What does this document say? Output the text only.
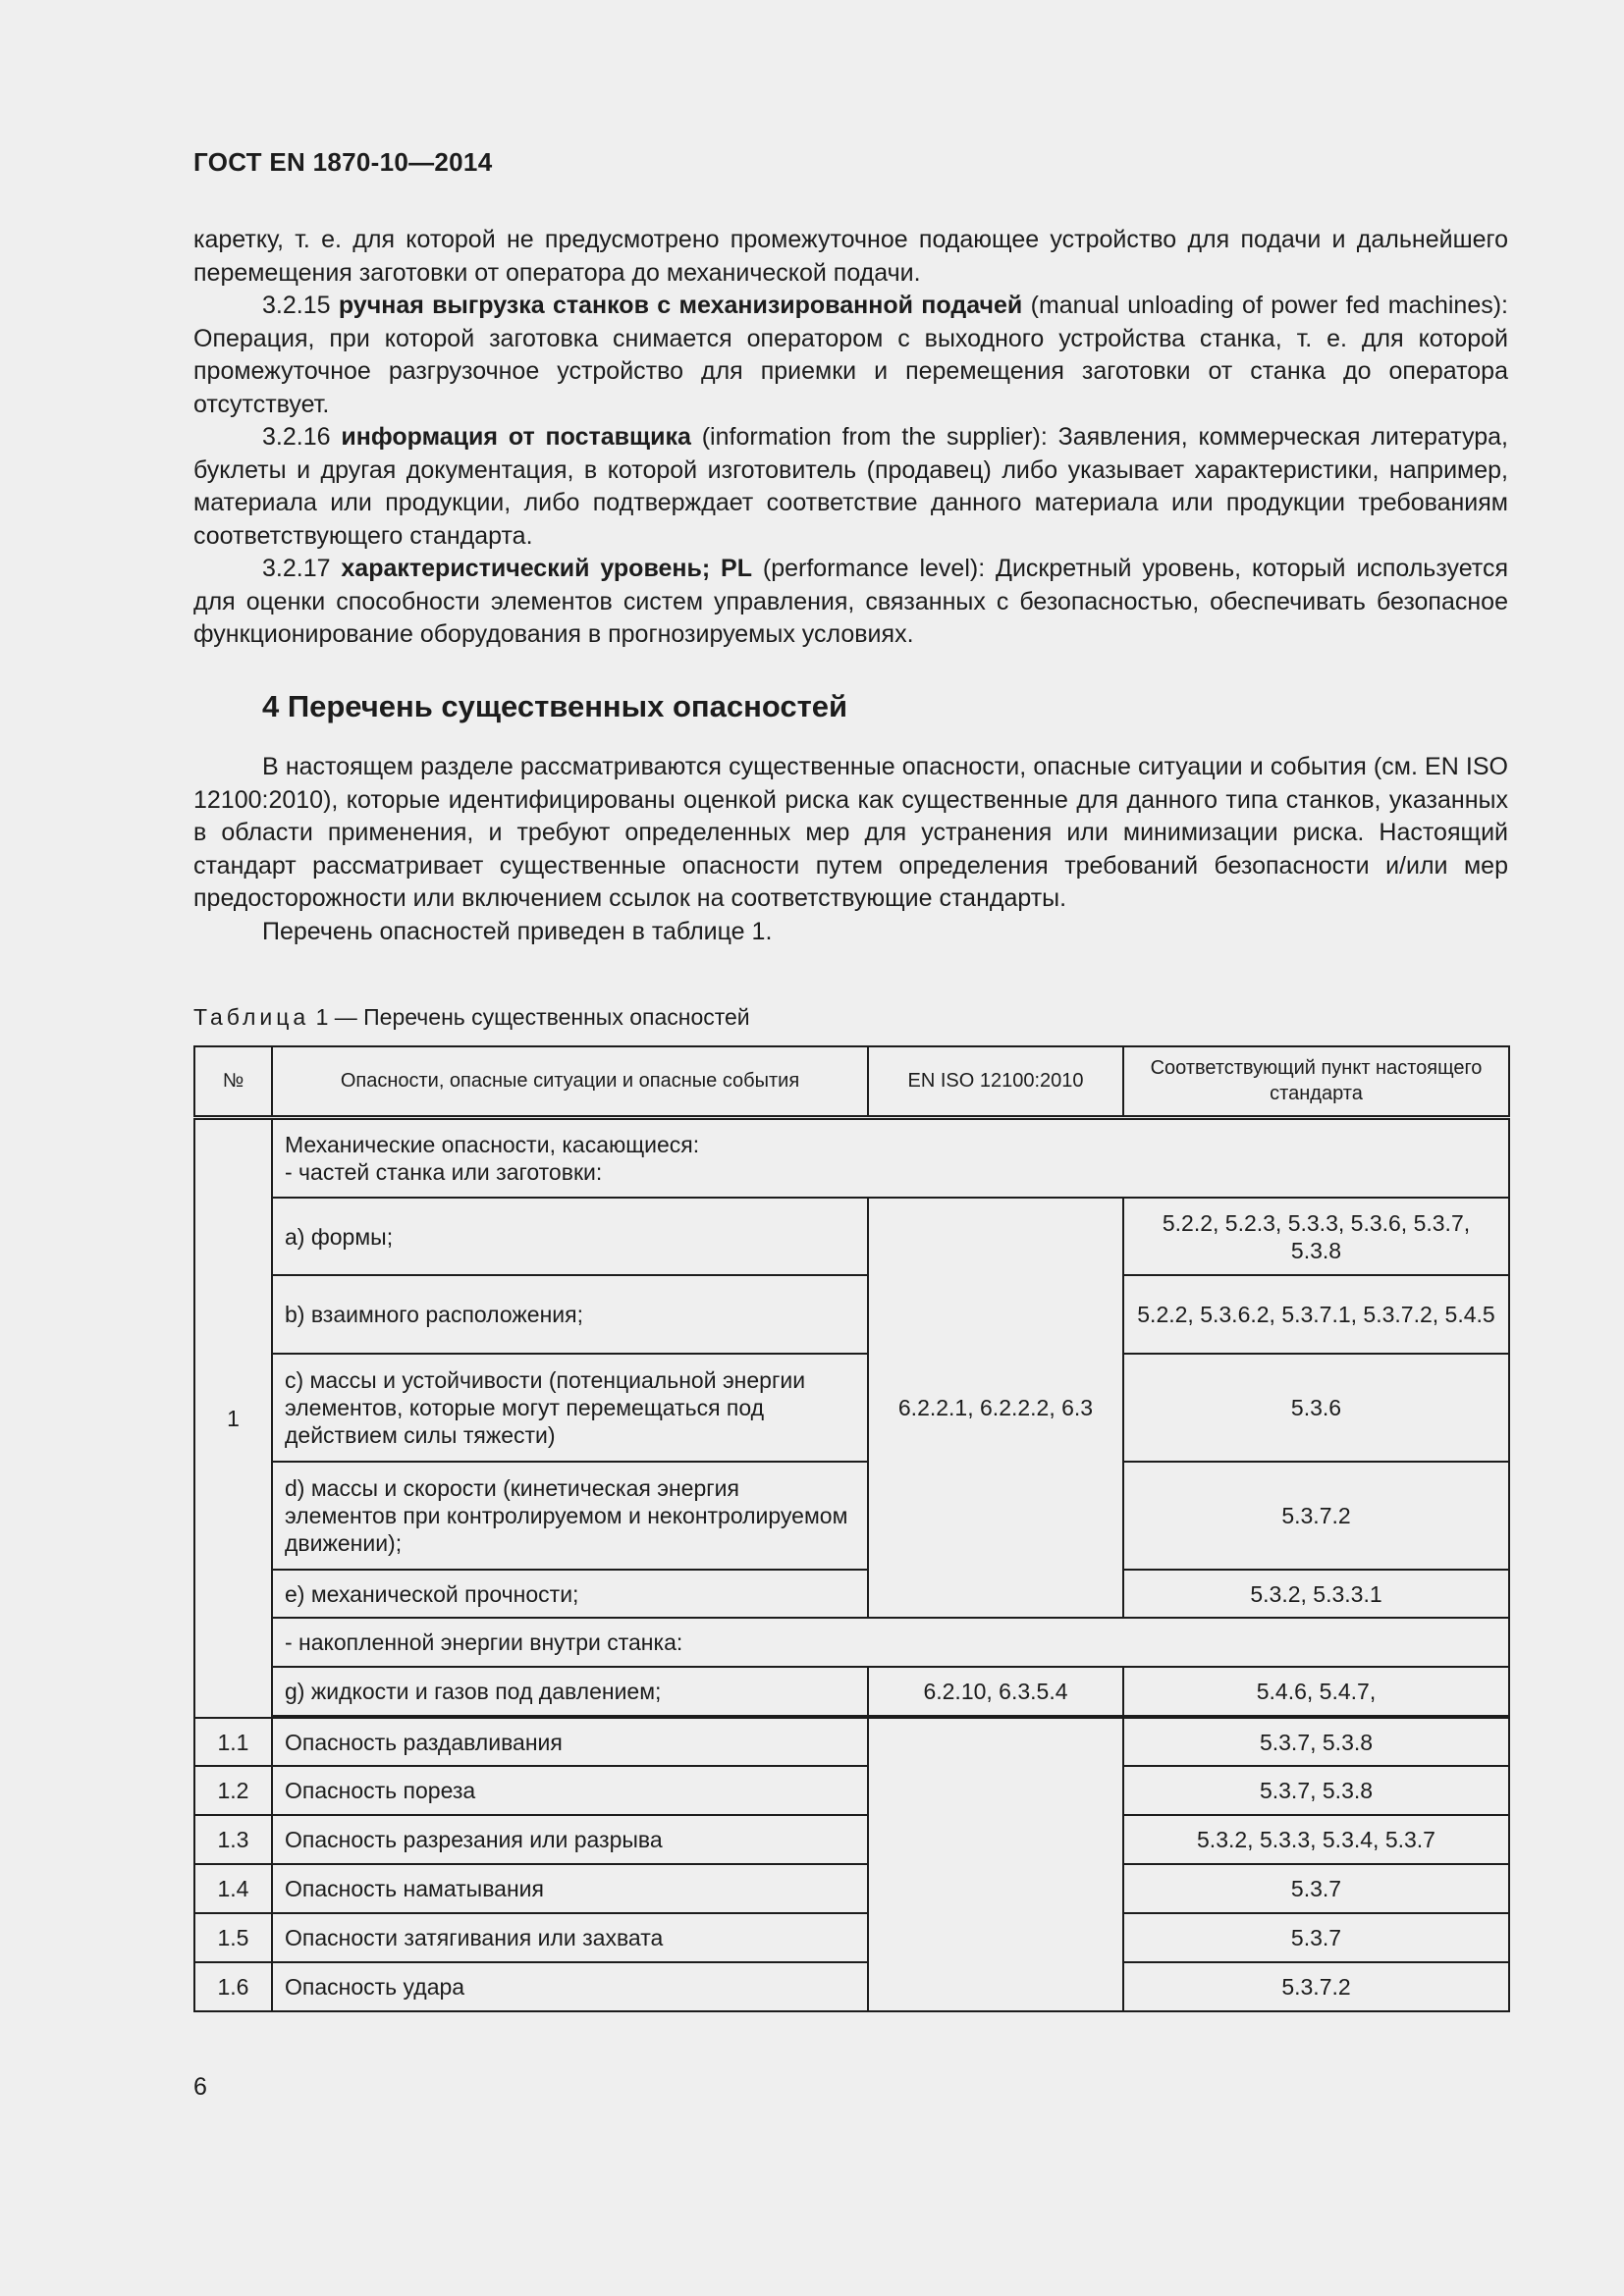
ГОСТ EN 1870-10—2014

каретку, т. е. для которой не предусмотрено промежуточное подающее устройство для подачи и дальнейшего перемещения заготовки от оператора до механической подачи.

3.2.15 ручная выгрузка станков с механизированной подачей (manual unloading of power fed machines): Операция, при которой заготовка снимается оператором с выходного устройства станка, т. е. для которой промежуточное разгрузочное устройство для приемки и перемещения заготовки от станка до оператора отсутствует.

3.2.16 информация от поставщика (information from the supplier): Заявления, коммерческая литература, буклеты и другая документация, в которой изготовитель (продавец) либо указывает характеристики, например, материала или продукции, либо подтверждает соответствие данного материала или продукции требованиям соответствующего стандарта.

3.2.17 характеристический уровень; PL (performance level): Дискретный уровень, который используется для оценки способности элементов систем управления, связанных с безопасностью, обеспечивать безопасное функционирование оборудования в прогнозируемых условиях.

4 Перечень существенных опасностей

В настоящем разделе рассматриваются существенные опасности, опасные ситуации и события (см. EN ISO 12100:2010), которые идентифицированы оценкой риска как существенные для данного типа станков, указанных в области применения, и требуют определенных мер для устранения или минимизации риска. Настоящий стандарт рассматривает существенные опасности путем определения требований безопасности и/или мер предосторожности или включением ссылок на соответствующие стандарты.

Перечень опасностей приведен в таблице 1.

Таблица 1 — Перечень существенных опасностей
№	Опасности, опасные ситуации и опасные события	EN ISO 12100:2010	Соответствующий пункт настоящего стандарта
1	Механические опасности, касающиеся:
- частей станка или заготовки:		
	a) формы;	6.2.2.1, 6.2.2.2, 6.3	5.2.2, 5.2.3, 5.3.3, 5.3.6, 5.3.7, 5.3.8
	b) взаимного расположения;		5.2.2, 5.3.6.2, 5.3.7.1, 5.3.7.2, 5.4.5
	c) массы и устойчивости (потенциальной энергии элементов, которые могут перемещаться под действием силы тяжести)		5.3.6
	d) массы и скорости (кинетическая энергия элементов при контролируемом и неконтролируемом движении);		5.3.7.2
	e) механической прочности;		5.3.2, 5.3.3.1
	- накопленной энергии внутри станка:		
	g) жидкости и газов под давлением;	6.2.10, 6.3.5.4	5.4.6, 5.4.7,

1.1	Опасность раздавливания		5.3.7, 5.3.8
1.2	Опасность пореза		5.3.7, 5.3.8
1.3	Опасность разрезания или разрыва		5.3.2, 5.3.3, 5.3.4, 5.3.7
1.4	Опасность наматывания		5.3.7
1.5	Опасности затягивания или захвата		5.3.7
1.6	Опасность удара		5.3.7.2
6
